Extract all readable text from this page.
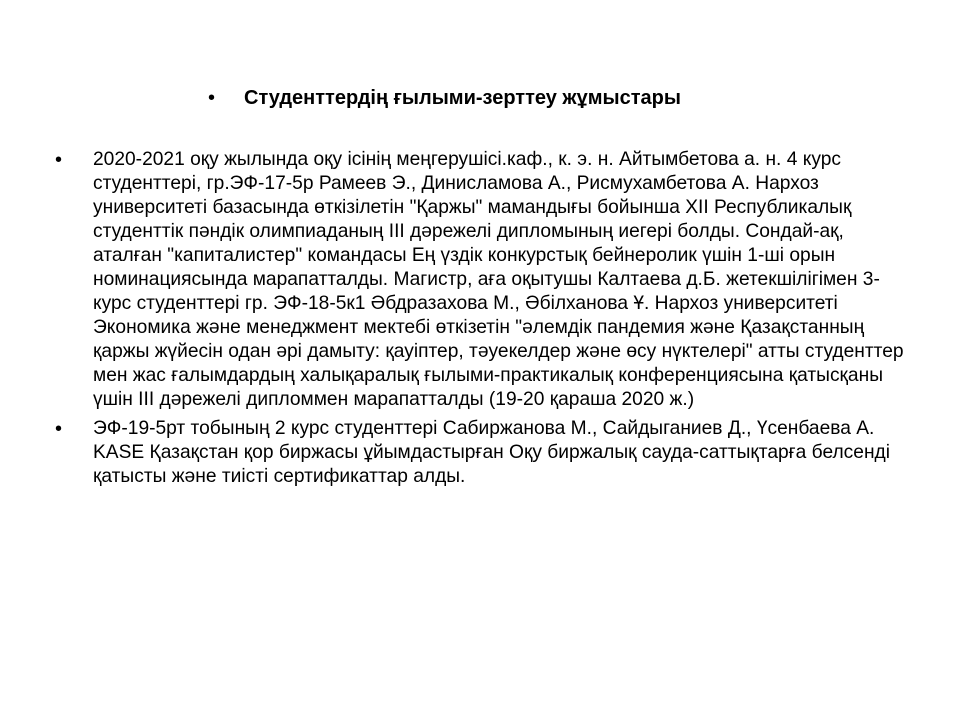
•	Студенттердің ғылыми-зерттеу жұмыстары
•	2020-2021 оқу жылында оқу ісінің меңгерушісі.каф., к. э. н. Айтымбетова а. н. 4 курс студенттері, гр.ЭФ-17-5р Рамеев Э., Динисламова А., Рисмухамбетова А. Нархоз университеті базасында өткізілетін "Қаржы" мамандығы бойынша XII Республикалық студенттік пәндік олимпиаданың III дәрежелі дипломының иегері болды. Сондай-ақ, аталған "капиталистер" командасы Ең үздік конкурстық бейнеролик үшін 1-ші орын номинациясында марапатталды. Магистр, аға оқытушы Калтаева д.Б. жетекшілігімен 3-курс студенттері гр. ЭФ-18-5к1 Әбдразахова М., Әбілханова Ұ. Нархоз университеті Экономика және менеджмент мектебі өткізетін "әлемдік пандемия және Қазақстанның қаржы жүйесін одан әрі дамыту: қауіптер, тәуекелдер және өсу нүктелері" атты студенттер мен жас ғалымдардың халықаралық ғылыми-практикалық конференциясына қатысқаны үшін III дәрежелі дипломмен марапатталды (19-20 қараша 2020 ж.)

•	ЭФ-19-5рт тобының 2 курс студенттері Сабиржанова М., Сайдыганиев Д., Үсенбаева А. KASE Қазақстан қор биржасы ұйымдастырған Оқу биржалық сауда-саттықтарға белсенді қатысты және тиісті сертификаттар алды.
